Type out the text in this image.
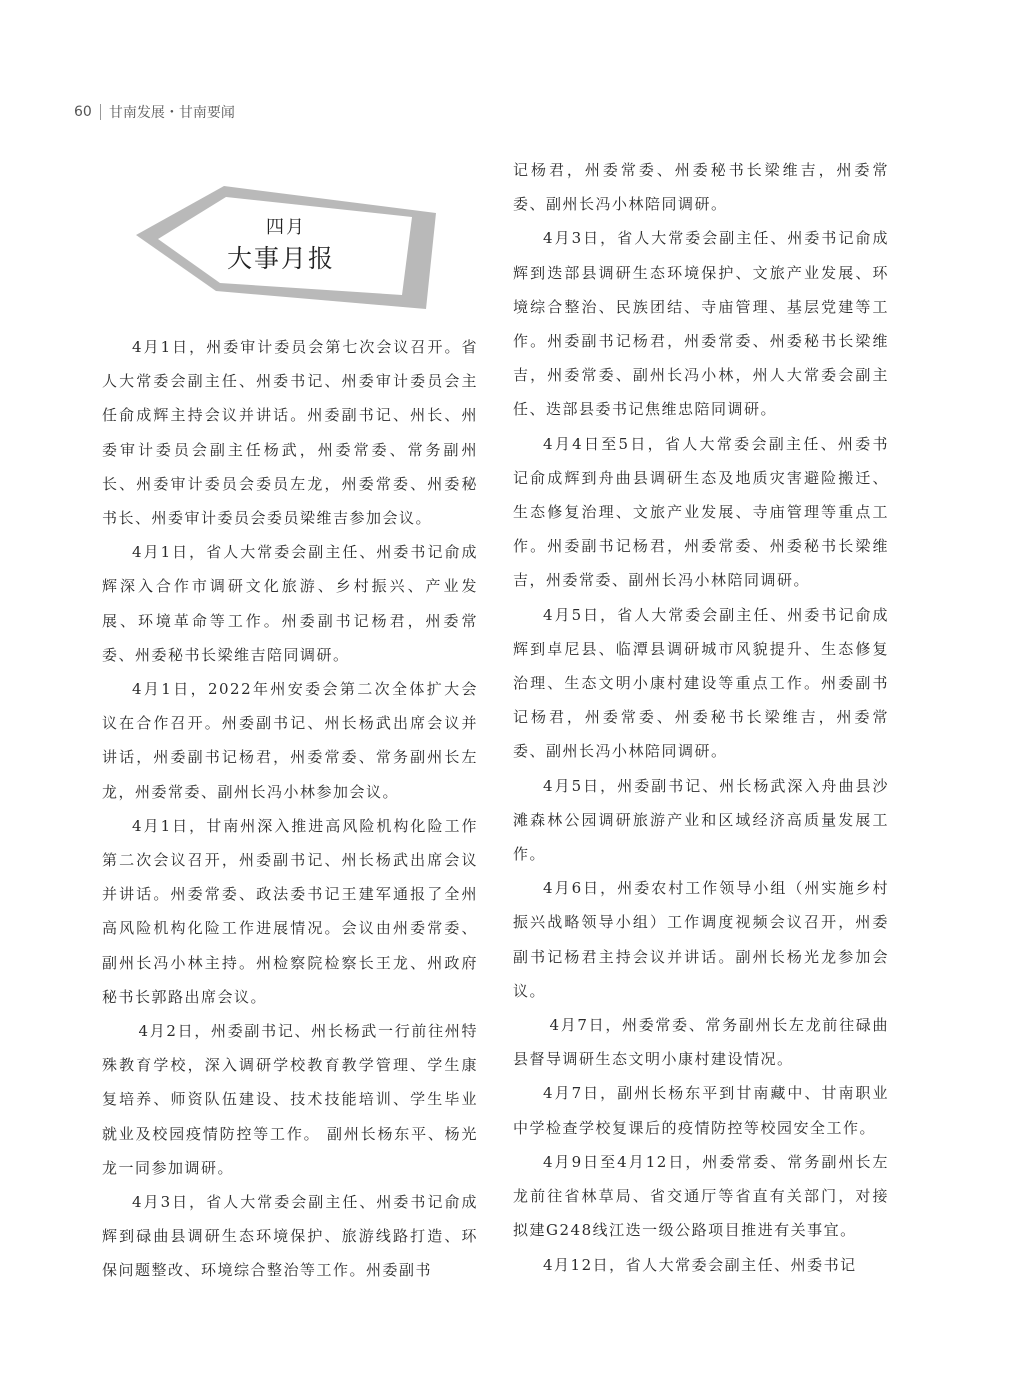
60 甘南发展・甘南要闻
四月
大事月报

4月1日，州委审计委员会第七次会议召开。省人大常委会副主任、州委书记、州委审计委员会主任俞成辉主持会议并讲话。州委副书记、州长、州委审计委员会副主任杨武，州委常委、常务副州长、州委审计委员会委员左龙，州委常委、州委秘书长、州委审计委员会委员梁维吉参加会议。

4月1日，省人大常委会副主任、州委书记俞成辉深入合作市调研文化旅游、乡村振兴、产业发展、环境革命等工作。州委副书记杨君，州委常委、州委秘书长梁维吉陪同调研。

4月1日，2022年州安委会第二次全体扩大会议在合作召开。州委副书记、州长杨武出席会议并讲话，州委副书记杨君，州委常委、常务副州长左龙，州委常委、副州长冯小林参加会议。

4月1日，甘南州深入推进高风险机构化险工作第二次会议召开，州委副书记、州长杨武出席会议并讲话。州委常委、政法委书记王建军通报了全州高风险机构化险工作进展情况。会议由州委常委、副州长冯小林主持。州检察院检察长王龙、州政府秘书长郭路出席会议。

4月2日，州委副书记、州长杨武一行前往州特殊教育学校，深入调研学校教育教学管理、学生康复培养、师资队伍建设、技术技能培训、学生毕业就业及校园疫情防控等工作。 副州长杨东平、杨光龙一同参加调研。

4月3日，省人大常委会副主任、州委书记俞成辉到碌曲县调研生态环境保护、旅游线路打造、环保问题整改、环境综合整治等工作。州委副书

记杨君，州委常委、州委秘书长梁维吉，州委常委、副州长冯小林陪同调研。

4月3日，省人大常委会副主任、州委书记俞成辉到迭部县调研生态环境保护、文旅产业发展、环境综合整治、民族团结、寺庙管理、基层党建等工作。州委副书记杨君，州委常委、州委秘书长梁维吉，州委常委、副州长冯小林，州人大常委会副主任、迭部县委书记焦维忠陪同调研。

4月4日至5日，省人大常委会副主任、州委书记俞成辉到舟曲县调研生态及地质灾害避险搬迁、生态修复治理、文旅产业发展、寺庙管理等重点工作。州委副书记杨君，州委常委、州委秘书长梁维吉，州委常委、副州长冯小林陪同调研。

4月5日，省人大常委会副主任、州委书记俞成辉到卓尼县、临潭县调研城市风貌提升、生态修复治理、生态文明小康村建设等重点工作。州委副书记杨君，州委常委、州委秘书长梁维吉，州委常委、副州长冯小林陪同调研。

4月5日，州委副书记、州长杨武深入舟曲县沙滩森林公园调研旅游产业和区域经济高质量发展工作。

4月6日，州委农村工作领导小组（州实施乡村振兴战略领导小组）工作调度视频会议召开，州委副书记杨君主持会议并讲话。副州长杨光龙参加会议。

4月7日，州委常委、常务副州长左龙前往碌曲县督导调研生态文明小康村建设情况。

4月7日，副州长杨东平到甘南藏中、甘南职业中学检查学校复课后的疫情防控等校园安全工作。

4月9日至4月12日，州委常委、常务副州长左龙前往省林草局、省交通厅等省直有关部门，对接拟建G248线江迭一级公路项目推进有关事宜。

4月12日，省人大常委会副主任、州委书记
